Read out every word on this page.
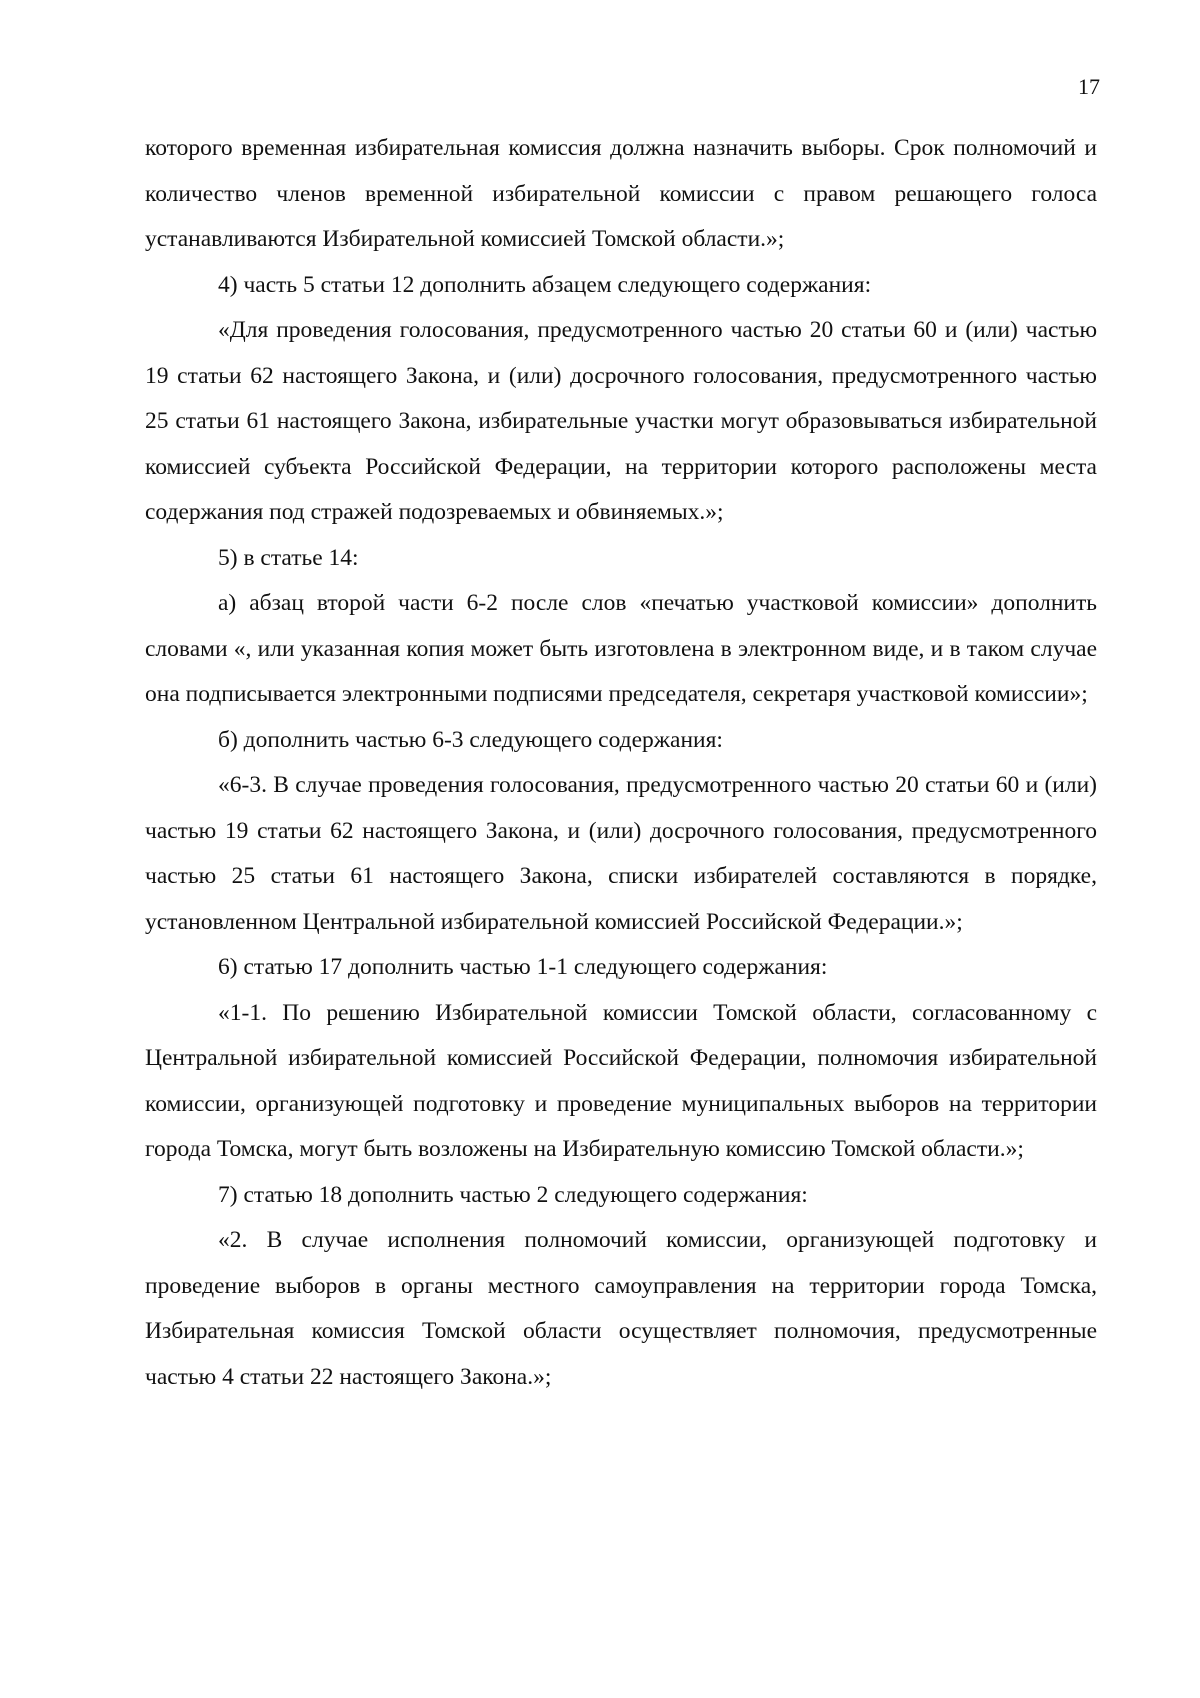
17

которого временная избирательная комиссия должна назначить выборы. Срок полномочий и количество членов временной избирательной комиссии с правом решающего голоса устанавливаются Избирательной комиссией Томской области.»;

4) часть 5 статьи 12 дополнить абзацем следующего содержания:

«Для проведения голосования, предусмотренного частью 20 статьи 60 и (или) частью 19 статьи 62 настоящего Закона, и (или) досрочного голосования, предусмотренного частью 25 статьи 61 настоящего Закона, избирательные участки могут образовываться избирательной комиссией субъекта Российской Федерации, на территории которого расположены места содержания под стражей подозреваемых и обвиняемых.»;

5) в статье 14:

а) абзац второй части 6-2 после слов «печатью участковой комиссии» дополнить словами «, или указанная копия может быть изготовлена в электронном виде, и в таком случае она подписывается электронными подписями председателя, секретаря участковой комиссии»;

б) дополнить частью 6-3 следующего содержания:

«6-3. В случае проведения голосования, предусмотренного частью 20 статьи 60 и (или) частью 19 статьи 62 настоящего Закона, и (или) досрочного голосования, предусмотренного частью 25 статьи 61 настоящего Закона, списки избирателей составляются в порядке, установленном Центральной избирательной комиссией Российской Федерации.»;

6) статью 17 дополнить частью 1-1 следующего содержания:

«1-1. По решению Избирательной комиссии Томской области, согласованному с Центральной избирательной комиссией Российской Федерации, полномочия избирательной комиссии, организующей подготовку и проведение муниципальных выборов на территории города Томска, могут быть возложены на Избирательную комиссию Томской области.»;

7) статью 18 дополнить частью 2 следующего содержания:

«2. В случае исполнения полномочий комиссии, организующей подготовку и проведение выборов в органы местного самоуправления на территории города Томска, Избирательная комиссия Томской области осуществляет полномочия, предусмотренные частью 4 статьи 22 настоящего Закона.»;
